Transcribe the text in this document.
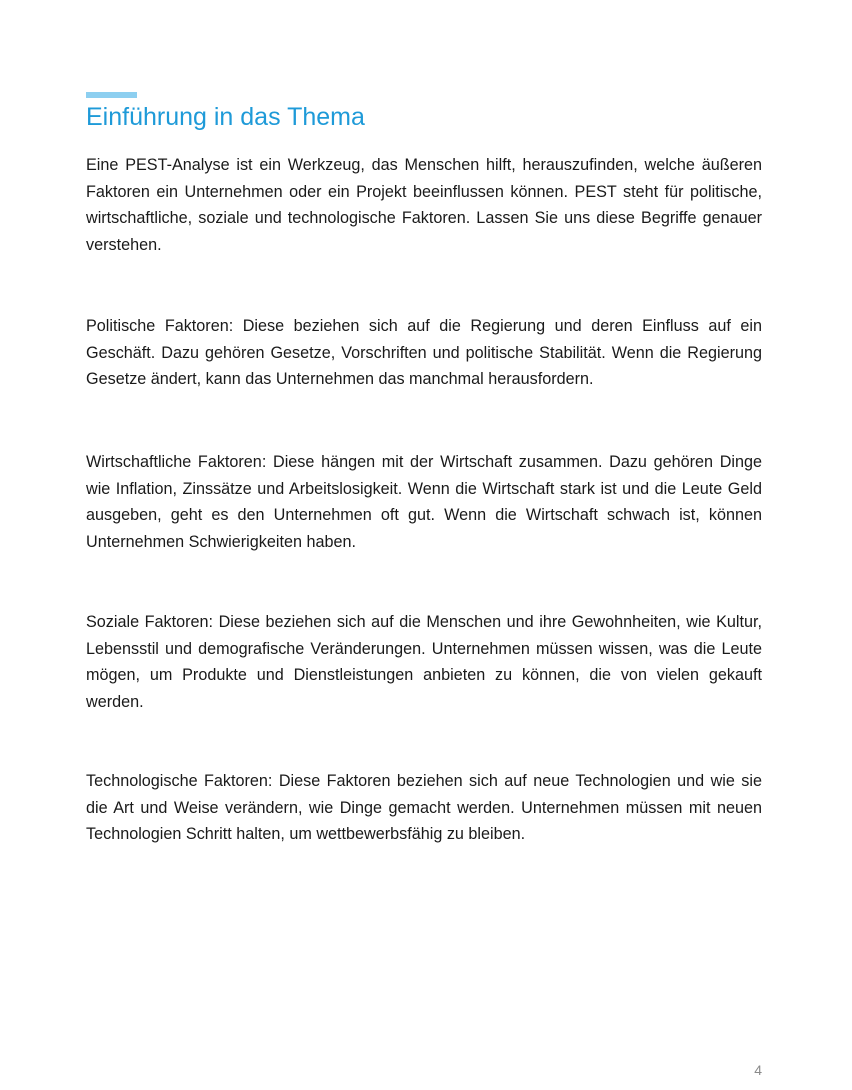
Einführung in das Thema

Eine PEST-Analyse ist ein Werkzeug, das Menschen hilft, herauszufinden, welche äußeren Faktoren ein Unternehmen oder ein Projekt beeinflussen können. PEST steht für politische, wirtschaftliche, soziale und technologische Faktoren. Lassen Sie uns diese Begriffe genauer verstehen.

Politische Faktoren: Diese beziehen sich auf die Regierung und deren Einfluss auf ein Geschäft. Dazu gehören Gesetze, Vorschriften und politische Stabilität. Wenn die Regierung Gesetze ändert, kann das Unternehmen das manchmal herausfordern.

Wirtschaftliche Faktoren: Diese hängen mit der Wirtschaft zusammen. Dazu gehören Dinge wie Inflation, Zinssätze und Arbeitslosigkeit. Wenn die Wirtschaft stark ist und die Leute Geld ausgeben, geht es den Unternehmen oft gut. Wenn die Wirtschaft schwach ist, können Unternehmen Schwierigkeiten haben.

Soziale Faktoren: Diese beziehen sich auf die Menschen und ihre Gewohnheiten, wie Kultur, Lebensstil und demografische Veränderungen. Unternehmen müssen wissen, was die Leute mögen, um Produkte und Dienstleistungen anbieten zu können, die von vielen gekauft werden.

Technologische Faktoren: Diese Faktoren beziehen sich auf neue Technologien und wie sie die Art und Weise verändern, wie Dinge gemacht werden. Unternehmen müssen mit neuen Technologien Schritt halten, um wettbewerbsfähig zu bleiben.

4
